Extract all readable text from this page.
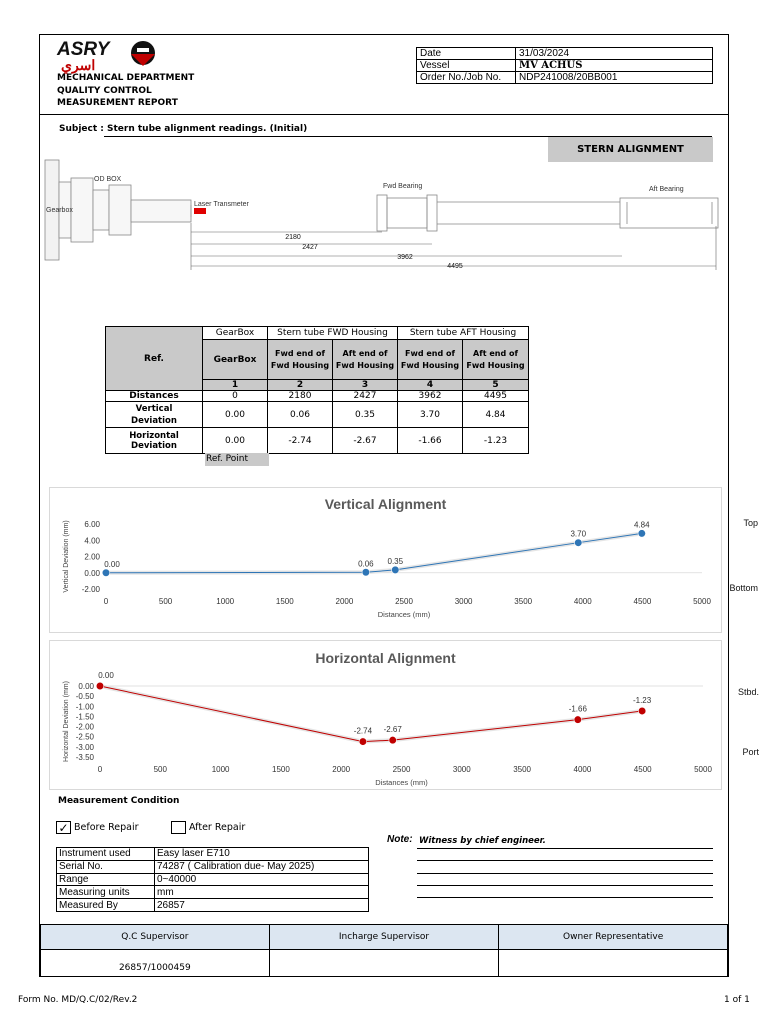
ASRY
اسري
MECHANICAL DEPARTMENT
QUALITY CONTROL
MEASUREMENT REPORT
Date	31/03/2024
Vessel	MV ACHUS
Order No./Job No.	NDP241008/20BB001
Subject : Stern tube alignment readings. (Initial)
STERN ALIGNMENT
OD BOX
Gearbox
Laser Transmeter
Fwd Bearing	Aft Bearing
2180
2427
3962
4495
Ref.	GearBox	Stern tube FWD Housing		Stern tube AFT Housing	
	GearBox	Fwd end of Fwd Housing	Aft end of Fwd Housing	Fwd end of Fwd Housing	Aft end of Fwd Housing
	1	2	3	4	5
Distances	0	2180	2427	3962	4495
Vertical Deviation	0.00	0.06	0.35	3.70	4.84
Horizontal Deviation	0.00	-2.74	-2.67	-1.66	-1.23
Ref. Point
Vertical Alignment
6.00
4.00
2.00
0.00
-2.00
0	500	1000	1500	2000	2500	3000	3500	4000	4500	5000
Distances (mm)
Vertical Deviation (mm)	0.00	0.06 0.35
3.70
4.84	Top
Bottom
Horizontal Alignment
0.00
-0.50
-1.00
-1.50
-2.00
-2.50
-3.00
-3.50
0	500	1000	1500	2000	2500	3000	3500	4000	4500	5000
Distances (mm)
Horizontal Deviation (mm)
0.00
-2.74 -2.67
-1.66
-1.23
Stbd.
Port
Measurement Condition
✓ Before Repair	After Repair
Instrument used	Easy laser E710
Serial No.	74287 ( Calibration due- May 2025)
Range	0~40000
Measuring units	mm
Measured By	26857
Note: Witness by chief engineer.
Q.C Supervisor	Incharge Supervisor	Owner Representative
26857/1000459		
Form No. MD/Q.C/02/Rev.2	1 of 1
